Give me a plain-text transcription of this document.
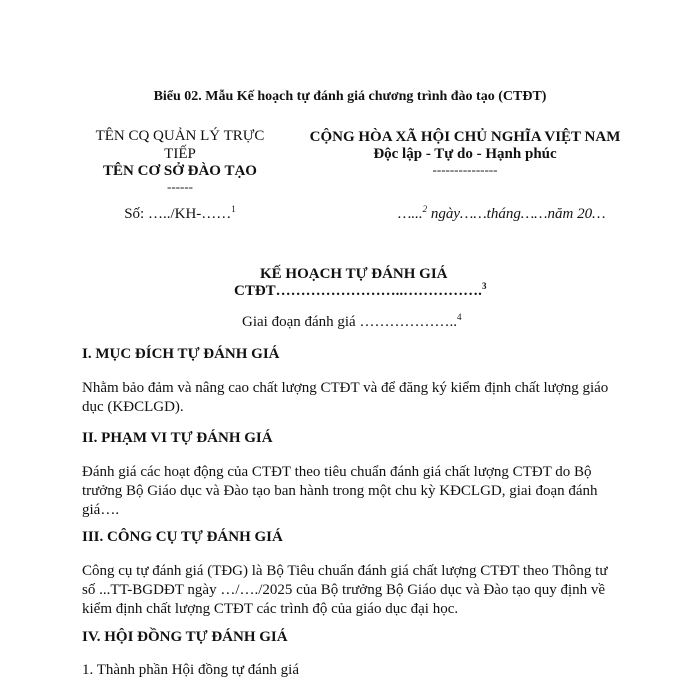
Biểu 02. Mẫu Kế hoạch tự đánh giá chương trình đào tạo (CTĐT)
TÊN CQ QUẢN LÝ TRỰC
TIẾP
TÊN CƠ SỞ ĐÀO TẠO
------
Số: …../KH-……$^1$
CỘNG HÒA XÃ HỘI CHỦ NGHĨA VIỆT NAM
Độc lập - Tự do - Hạnh phúc
---------------
…...$^2$ ngày……tháng……năm 20…
KẾ HOẠCH TỰ ĐÁNH GIÁ
CTĐT……………………..…………….$^3$
Giai đoạn đánh giá ………………..$^4$
I. MỤC ĐÍCH TỰ ĐÁNH GIÁ
Nhằm bảo đảm và nâng cao chất lượng CTĐT và để đăng ký kiểm định chất lượng giáo dục (KĐCLGD).
II. PHẠM VI TỰ ĐÁNH GIÁ
Đánh giá các hoạt động của CTĐT theo tiêu chuẩn đánh giá chất lượng CTĐT do Bộ trưởng Bộ Giáo dục và Đào tạo ban hành trong một chu kỳ KĐCLGD, giai đoạn đánh giá….
III. CÔNG CỤ TỰ ĐÁNH GIÁ
Công cụ tự đánh giá (TĐG) là Bộ Tiêu chuẩn đánh giá chất lượng CTĐT theo Thông tư số ...TT-BGDĐT ngày …/…./2025 của Bộ trưởng Bộ Giáo dục và Đào tạo quy định về kiểm định chất lượng CTĐT các trình độ của giáo dục đại học.
IV. HỘI ĐỒNG TỰ ĐÁNH GIÁ
1. Thành phần Hội đồng tự đánh giá
